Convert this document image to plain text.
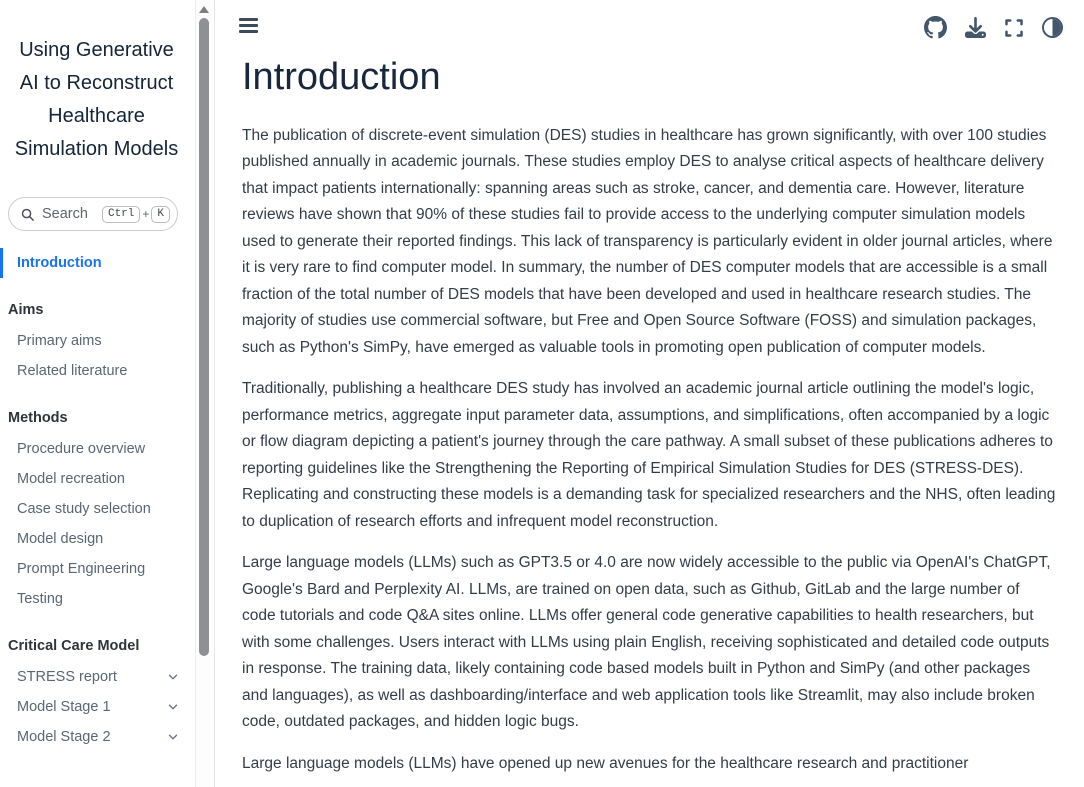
Using Generative AI to Reconstruct Healthcare Simulation Models
Search	Ctrl + K
Introduction

Aims

Primary aims
Related literature

Methods

Procedure overview
Model recreation
Case study selection
Model design
Prompt Engineering
Testing

Critical Care Model

STRESS report
Model Stage 1
Model Stage 2
Introduction

The publication of discrete-event simulation (DES) studies in healthcare has grown significantly, with over 100 studies published annually in academic journals. These studies employ DES to analyse critical aspects of healthcare delivery that impact patients internationally: spanning areas such as stroke, cancer, and dementia care. However, literature reviews have shown that 90% of these studies fail to provide access to the underlying computer simulation models used to generate their reported findings. This lack of transparency is particularly evident in older journal articles, where it is very rare to find computer model. In summary, the number of DES computer models that are accessible is a small fraction of the total number of DES models that have been developed and used in healthcare research studies. The majority of studies use commercial software, but Free and Open Source Software (FOSS) and simulation packages, such as Python's SimPy, have emerged as valuable tools in promoting open publication of computer models.

Traditionally, publishing a healthcare DES study has involved an academic journal article outlining the model's logic, performance metrics, aggregate input parameter data, assumptions, and simplifications, often accompanied by a logic or flow diagram depicting a patient's journey through the care pathway. A small subset of these publications adheres to reporting guidelines like the Strengthening the Reporting of Empirical Simulation Studies for DES (STRESS-DES). Replicating and constructing these models is a demanding task for specialized researchers and the NHS, often leading to duplication of research efforts and infrequent model reconstruction.

Large language models (LLMs) such as GPT3.5 or 4.0 are now widely accessible to the public via OpenAI's ChatGPT, Google's Bard and Perplexity AI. LLMs, are trained on open data, such as Github, GitLab and the large number of code tutorials and code Q&A sites online. LLMs offer general code generative capabilities to health researchers, but with some challenges. Users interact with LLMs using plain English, receiving sophisticated and detailed code outputs in response. The training data, likely containing code based models built in Python and SimPy (and other packages and languages), as well as dashboarding/interface and web application tools like Streamlit, may also include broken code, outdated packages, and hidden logic bugs.

Large language models (LLMs) have opened up new avenues for the healthcare research and practitioner
